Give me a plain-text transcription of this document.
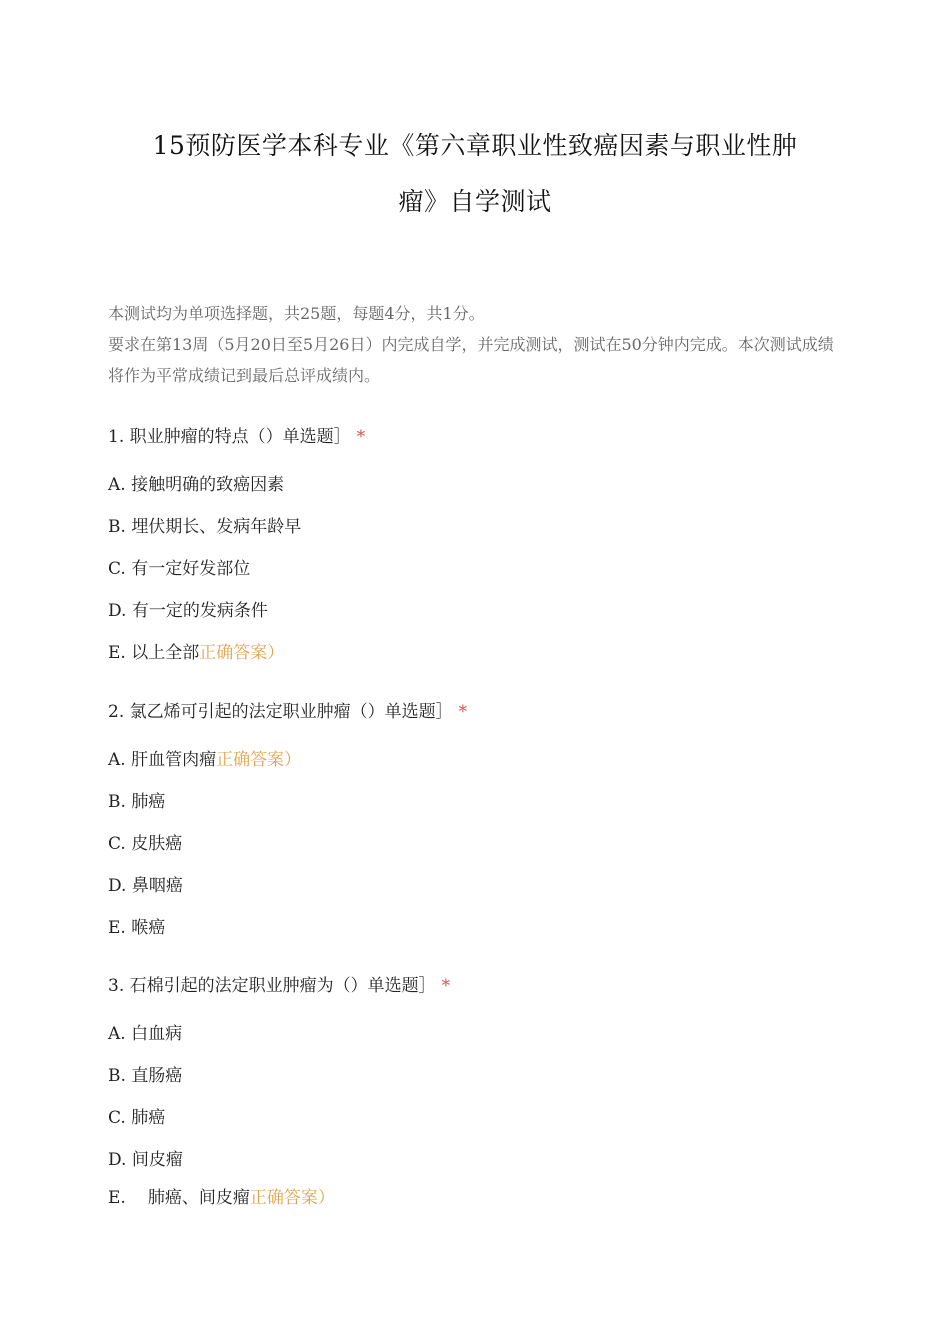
15预防医学本科专业《第六章职业性致癌因素与职业性肿
瘤》自学测试
本测试均为单项选择题，共25题，每题4分，共1分。
要求在第13周（5月20日至5月26日）内完成自学，并完成测试，测试在50分钟内完成。本次测试成绩将作为平常成绩记到最后总评成绩内。
1. 职业肿瘤的特点（）单选题］ *
A. 接触明确的致癌因素
B. 埋伏期长、发病年龄早
C. 有一定好发部位
D. 有一定的发病条件
E. 以上全部正确答案）
2. 氯乙烯可引起的法定职业肿瘤（）单选题］ *
A. 肝血管肉瘤正确答案）
B. 肺癌
C. 皮肤癌
D. 鼻咽癌
E. 喉癌
3. 石棉引起的法定职业肿瘤为（）单选题］ *
A. 白血病
B. 直肠癌
C. 肺癌
D. 间皮瘤
E. 肺癌、间皮瘤正确答案）
